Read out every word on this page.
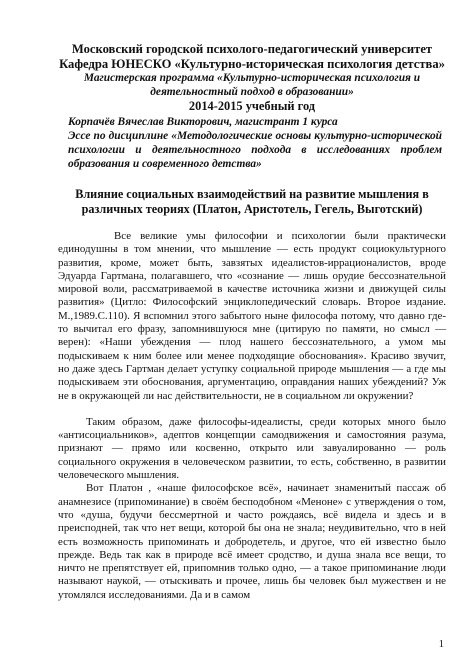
Московский городской психолого-педагогический университет

Кафедра ЮНЕСКО «Культурно-историческая психология детства»

Магистерская программа «Культурно-историческая психология и деятельностный подход в образовании»

2014-2015 учебный год

Корпачёв Вячеслав Викторович, магистрант 1 курса

Эссе по дисциплине «Методологические основы культурно-исторической психологии и деятельностного подхода в исследованиях проблем образования и современного детства»

Влияние социальных взаимодействий на развитие мышления в различных теориях (Платон, Аристотель, Гегель, Выготский)

Все великие умы философии и психологии были практически единодушны в том мнении, что мышление — есть продукт социокультурного развития, кроме, может быть, завзятых идеалистов-иррационалистов, вроде Эдуарда Гартмана, полагавшего, что «сознание — лишь орудие бессознательной мировой воли, рассматриваемой в качестве источника жизни и движущей силы развития» (Цитло: Философский энциклопедический словарь. Второе издание. М.,1989.С.110). Я вспомнил этого забытого ныне философа потому, что давно где-то вычитал его фразу, запомнившуюся мне (цитирую по памяти, но смысл — верен): «Наши убеждения — плод нашего бессознательного, а умом мы подыскиваем к ним более или менее подходящие обоснования». Красиво звучит, но даже здесь Гартман делает уступку социальной природе мышления — а где мы подыскиваем эти обоснования, аргументацию, оправдания наших убеждений? Уж не в окружающей ли нас действительности, не в социальном ли окружении?

Таким образом, даже философы-идеалисты, среди которых много было «антисоциальников», адептов концепции самодвижения и самостояния разума, признают — прямо или косвенно, открыто или завуалированно — роль социального окружения в человеческом развитии, то есть, собственно, в развитии человеческого мышления.

Вот Платон , «наше философское всё», начинает знаменитый пассаж об анамнезисе (припоминание) в своём бесподобном «Меноне» с утверждения о том, что «душа, будучи бессмертной и часто рождаясь, всё видела и здесь и в преисподней, так что нет вещи, которой бы она не знала; неудивительно, что в ней есть возможность припоминать и добродетель, и другое, что ей известно было прежде. Ведь так как в природе всё имеет сродство, и душа знала все вещи, то ничто не препятствует ей, припомнив только одно, — а такое припоминание люди называют наукой, — отыскивать и прочее, лишь бы человек был мужествен и не утомлялся исследованиями. Да и в самом

1
